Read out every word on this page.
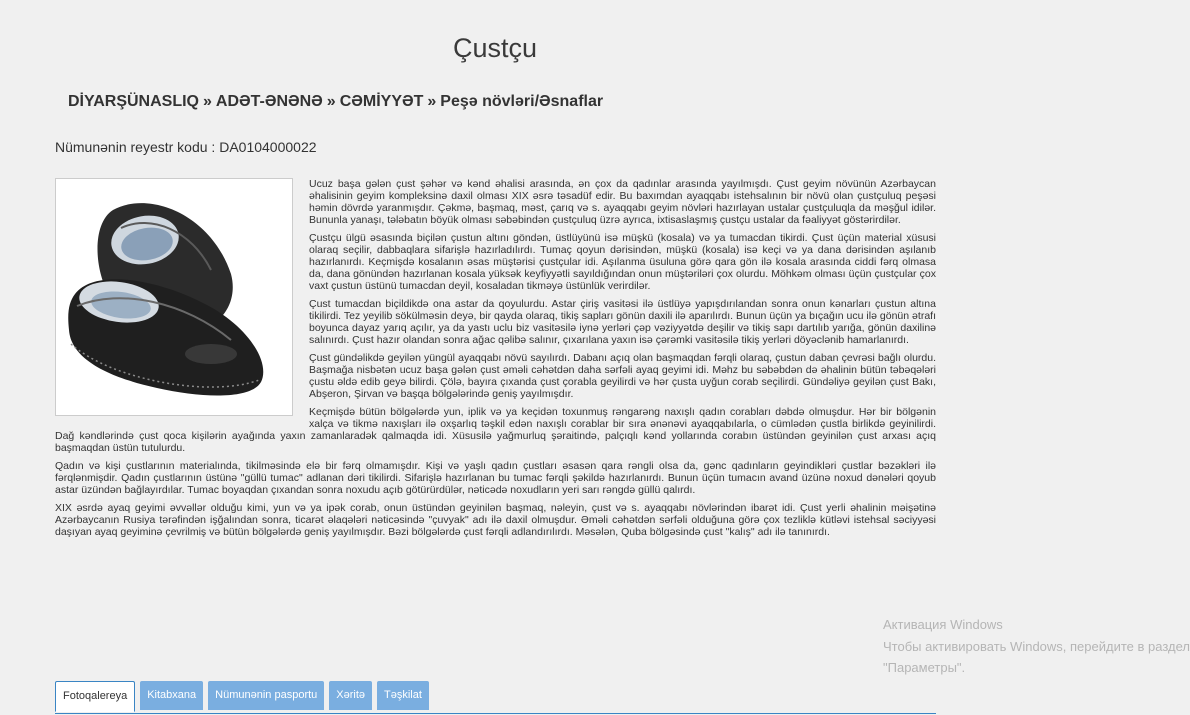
Çustçu
DİYARŞÜNASLIQ » ADƏT-ƏNƏNƏ » CƏMİYYƏT » Peşə növləri/Əsnaflar
Nümunənin reyestr kodu : DA0104000022

Ucuz başa gələn çust şəhər və kənd əhalisi arasında, ən çox da qadınlar arasında yayılmışdı. Çust geyim növünün Azərbaycan əhalisinin geyim kompleksinə daxil olması XIX əsrə təsadüf edir. Bu baxımdan ayaqqabı istehsalının bir növü olan çustçuluq peşəsi həmin dövrdə yaranmışdır. Çəkmə, başmaq, məst, çarıq və s. ayaqqabı geyim növləri hazırlayan ustalar çustçuluqla da məşğul idilər. Bununla yanaşı, tələbatın böyük olması səbəbindən çustçuluq üzrə ayrıca, ixtisaslaşmış çustçu ustalar da fəaliyyət göstərirdilər.

Çustçu ülgü əsasında biçilən çustun altını göndən, üstlüyünü isə müşkü (kosala) və ya tumacdan tikirdi. Çust üçün material xüsusi olaraq seçilir, dabbaqlara sifarişlə hazırladılırdı. Tumaç qoyun dərisindən, müşkü (kosala) isə keçi və ya dana dərisindən aşılanıb hazırlanırdı. Keçmişdə kosalanın əsas müştərisi çustçular idi. Aşılanma üsuluna görə qara gön ilə kosala arasında ciddi fərq olmasa da, dana gönündən hazırlanan kosala yüksək keyfiyyətli sayıldığından onun müştəriləri çox olurdu. Möhkəm olması üçün çustçular çox vaxt çustun üstünü tumacdan deyil, kosaladan tikməyə üstünlük verirdilər.

Çust tumacdan biçildikdə ona astar da qoyulurdu. Astar çiriş vasitəsi ilə üstlüyə yapışdırılandan sonra onun kənarları çustun altına tikilirdi. Tez yeyilib sökülməsin deyə, bir qayda olaraq, tikiş sapları gönün daxili ilə aparılırdı. Bunun üçün ya bıçağın ucu ilə gönün ətrafı boyunca dayaz yarıq açılır, ya da yastı uclu biz vasitəsilə iynə yerləri çəp vəziyyətdə deşilir və tikiş sapı dartılıb yarığa, gönün daxilinə salınırdı. Çust hazır olandan sonra ağac qəlibə salınır, çıxarılana yaxın isə çərəmki vasitəsilə tikiş yerləri döyəclənib hamarlanırdı.

Çust gündəlikdə geyilən yüngül ayaqqabı növü sayılırdı. Dabanı açıq olan başmaqdan fərqli olaraq, çustun daban çevrəsi bağlı olurdu. Başmağa nisbətən ucuz başa gələn çust əməli cəhətdən daha sərfəli ayaq geyimi idi. Məhz bu səbəbdən də əhalinin bütün təbəqələri çustu əldə edib geyə bilirdi. Çölə, bayıra çıxanda çust çorabla geyilirdi və hər çusta uyğun corab seçilirdi. Gündəliyə geyilən çust Bakı, Abşeron, Şirvan və başqa bölgələrində geniş yayılmışdır.

Keçmişdə bütün bölgələrdə yun, iplik və ya keçidən toxunmuş rəngarəng naxışlı qadın corabları dəbdə olmuşdur. Hər bir bölgənin xalça və tikmə naxışları ilə oxşarlıq təşkil edən naxışlı corablar bir sıra ənənəvi ayaqqabılarla, o cümlədən çustla birlikdə geyinilirdi. Dağ kəndlərində çust qoca kişilərin ayağında yaxın zamanlaradək qalmaqda idi. Xüsusilə yağmurluq şəraitində, palçıqlı kənd yollarında corabın üstündən geyinilən çust arxası açıq başmaqdan üstün tutulurdu.

Qadın və kişi çustlarının materialında, tikilməsində elə bir fərq olmamışdır. Kişi və yaşlı qadın çustları əsasən qara rəngli olsa da, gənc qadınların geyindikləri çustlar bəzəkləri ilə fərqlənmişdir. Qadın çustlarının üstünə "güllü tumac" adlanan dəri tikilirdi. Sifarişlə hazırlanan bu tumac fərqli şəkildə hazırlanırdı. Bunun üçün tumacın avand üzünə noxud dənələri qoyub astar üzündən bağlayırdılar. Tumac boyaqdan çıxandan sonra noxudu açıb götürürdülər, nəticədə noxudların yeri sarı rəngdə güllü qalırdı.

XIX əsrdə ayaq geyimi əvvəllər olduğu kimi, yun və ya ipək corab, onun üstündən geyinilən başmaq, nəleyin, çust və s. ayaqqabı növlərindən ibarət idi. Çust yerli əhalinin məişətinə Azərbaycanın Rusiya tərəfindən işğalından sonra, ticarət əlaqələri nəticəsində "çuvyak" adı ilə daxil olmuşdur. Əməli cəhətdən sərfəli olduğuna görə çox tezliklə kütləvi istehsal səciyyəsi daşıyan ayaq geyiminə çevrilmiş və bütün bölgələrdə geniş yayılmışdır. Bəzi bölgələrdə çust fərqli adlandırılırdı. Məsələn, Quba bölgəsində çust "kalış" adı ilə tanınırdı.

Fotoqalereya	Kitabxana	Nümunənin pasportu	Xəritə	Təşkilat
Активация Windows
Чтобы активировать Windows, перейдите в раздел
"Параметры".
